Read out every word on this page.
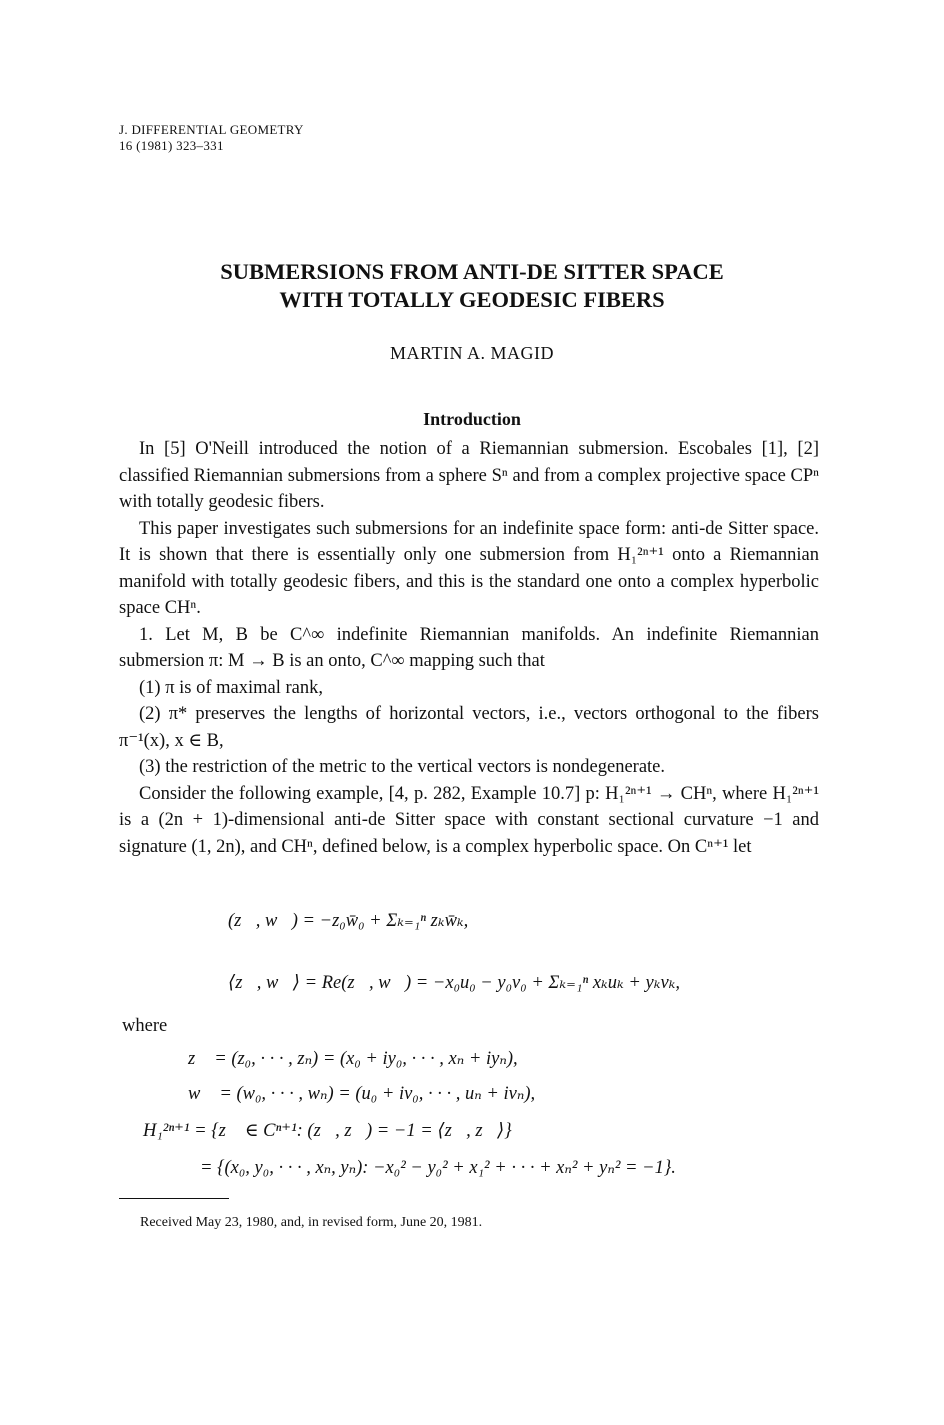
J. DIFFERENTIAL GEOMETRY
16 (1981) 323–331
SUBMERSIONS FROM ANTI-DE SITTER SPACE
WITH TOTALLY GEODESIC FIBERS
MARTIN A. MAGID
Introduction

In [5] O'Neill introduced the notion of a Riemannian submersion. Escobales [1], [2] classified Riemannian submersions from a sphere Sⁿ and from a complex projective space CPⁿ with totally geodesic fibers.

This paper investigates such submersions for an indefinite space form: anti-de Sitter space. It is shown that there is essentially only one submersion from H₁²ⁿ⁺¹ onto a Riemannian manifold with totally geodesic fibers, and this is the standard one onto a complex hyperbolic space CHⁿ.

1. Let M, B be C^∞ indefinite Riemannian manifolds. An indefinite Riemannian submersion π: M → B is an onto, C^∞ mapping such that

(1) π is of maximal rank,

(2) π* preserves the lengths of horizontal vectors, i.e., vectors orthogonal to the fibers π⁻¹(x), x ∈ B,

(3) the restriction of the metric to the vertical vectors is nondegenerate.

Consider the following example, [4, p. 282, Example 10.7] p: H₁²ⁿ⁺¹ → CHⁿ, where H₁²ⁿ⁺¹ is a (2n + 1)-dimensional anti-de Sitter space with constant sectional curvature −1 and signature (1, 2n), and CHⁿ, defined below, is a complex hyperbolic space. On Cⁿ⁺¹ let

(z⃗, w⃗) = −z₀w̄₀ + Σₖ₌₁ⁿ zₖw̄ₖ,
⟨z⃗, w⃗⟩ = Re(z⃗, w⃗) = −x₀u₀ − y₀v₀ + Σₖ₌₁ⁿ xₖuₖ + yₖvₖ,
where
z⃗ = (z₀, · · · , zₙ) = (x₀ + iy₀, · · · , xₙ + iyₙ),
w⃗ = (w₀, · · · , wₙ) = (u₀ + iv₀, · · · , uₙ + ivₙ),
H₁²ⁿ⁺¹ = {z⃗ ∈ Cⁿ⁺¹: (z⃗, z⃗) = −1 = ⟨z⃗, z⃗⟩}
= {(x₀, y₀, · · · , xₙ, yₙ): −x₀² − y₀² + x₁² + · · · + xₙ² + yₙ² = −1}.
Received May 23, 1980, and, in revised form, June 20, 1981.
